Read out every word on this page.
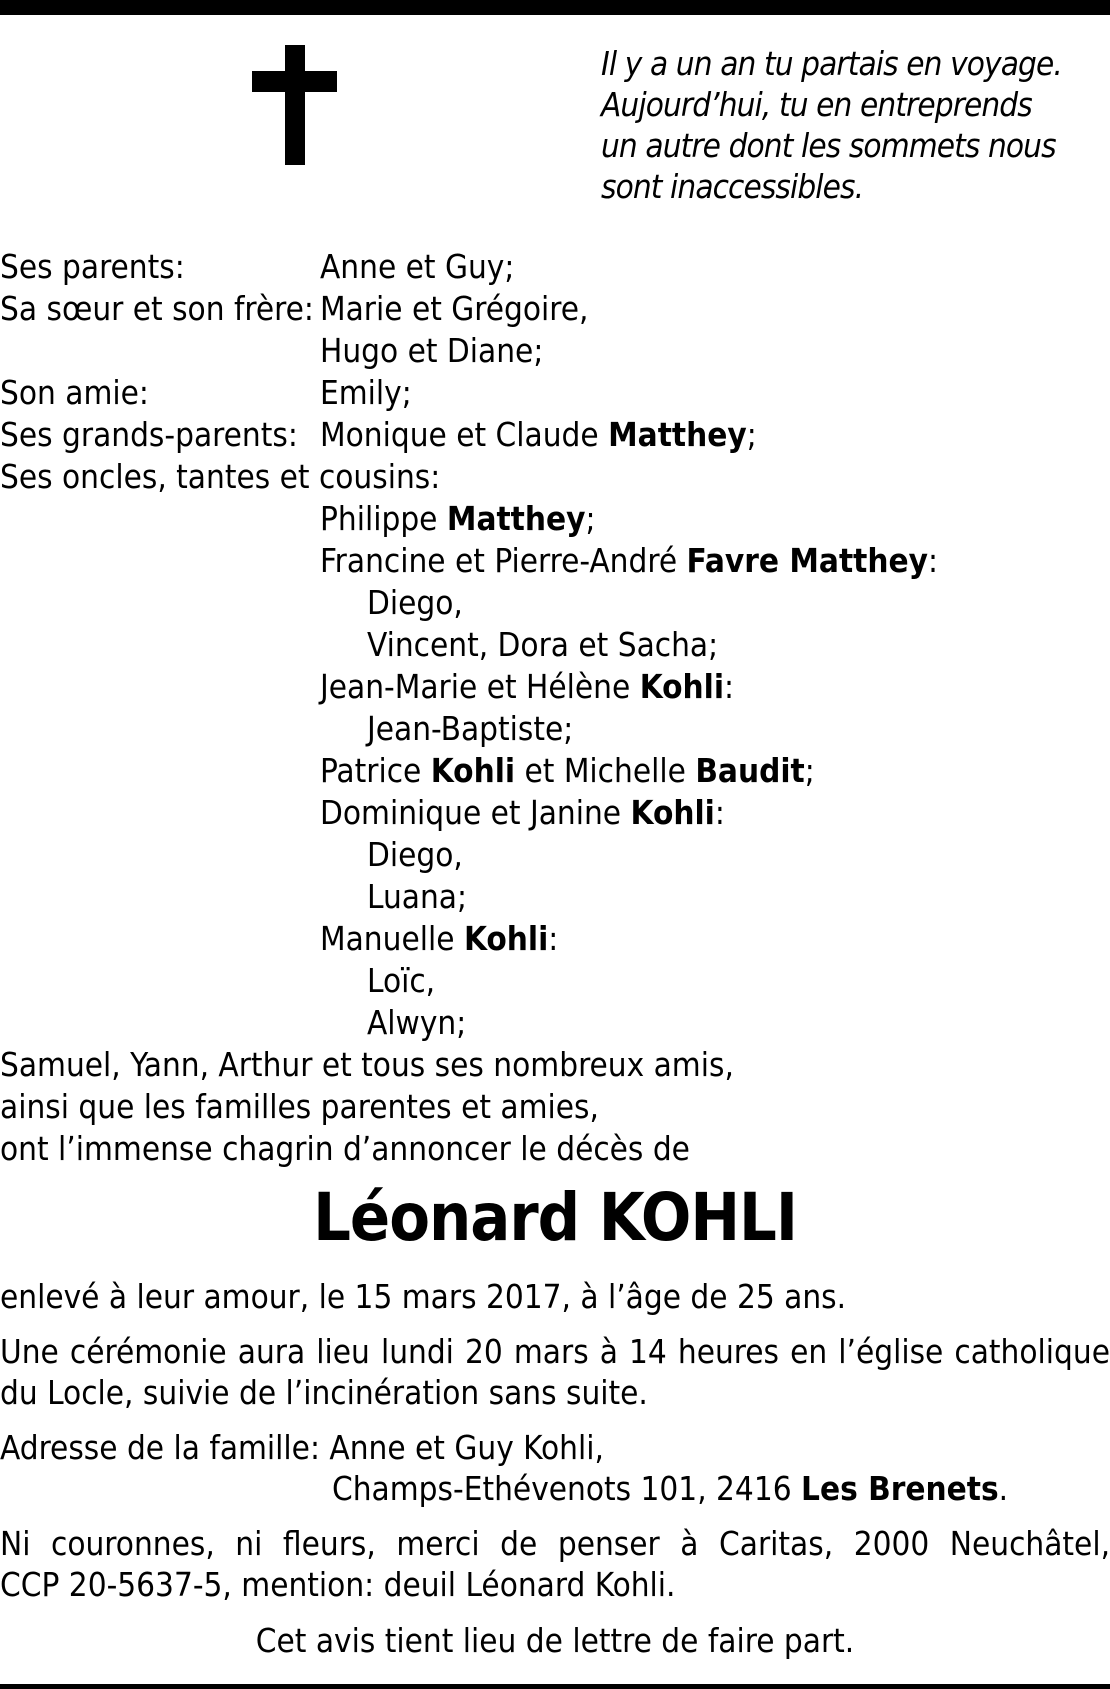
Il y a un an tu partais en voyage.
Aujourd’hui, tu en entreprends
un autre dont les sommets nous
sont inaccessibles.
Ses parents:	Anne et Guy;
Sa sœur et son frère: Marie et Grégoire,
Hugo et Diane;
Son amie:	Emily;
Ses grands-parents: Monique et Claude Matthey;
Ses oncles, tantes et cousins:
Philippe Matthey;
Francine et Pierre-André Favre Matthey:
Diego,
Vincent, Dora et Sacha;
Jean-Marie et Hélène Kohli:
Jean-Baptiste;
Patrice Kohli et Michelle Baudit;
Dominique et Janine Kohli:
Diego,
Luana;
Manuelle Kohli:
Loïc,
Alwyn;
Samuel, Yann, Arthur et tous ses nombreux amis,
ainsi que les familles parentes et amies,
ont l’immense chagrin d’annoncer le décès de
Léonard KOHLI
enlevé à leur amour, le 15 mars 2017, à l’âge de 25 ans.
Une cérémonie aura lieu lundi 20 mars à 14 heures en l’église catholique
du Locle, suivie de l’incinération sans suite.
Adresse de la famille: Anne et Guy Kohli,
Champs-Ethévenots 101, 2416 Les Brenets.
Ni couronnes, ni fleurs, merci de penser à Caritas, 2000 Neuchâtel,
CCP 20-5637-5, mention: deuil Léonard Kohli.
Cet avis tient lieu de lettre de faire part.
